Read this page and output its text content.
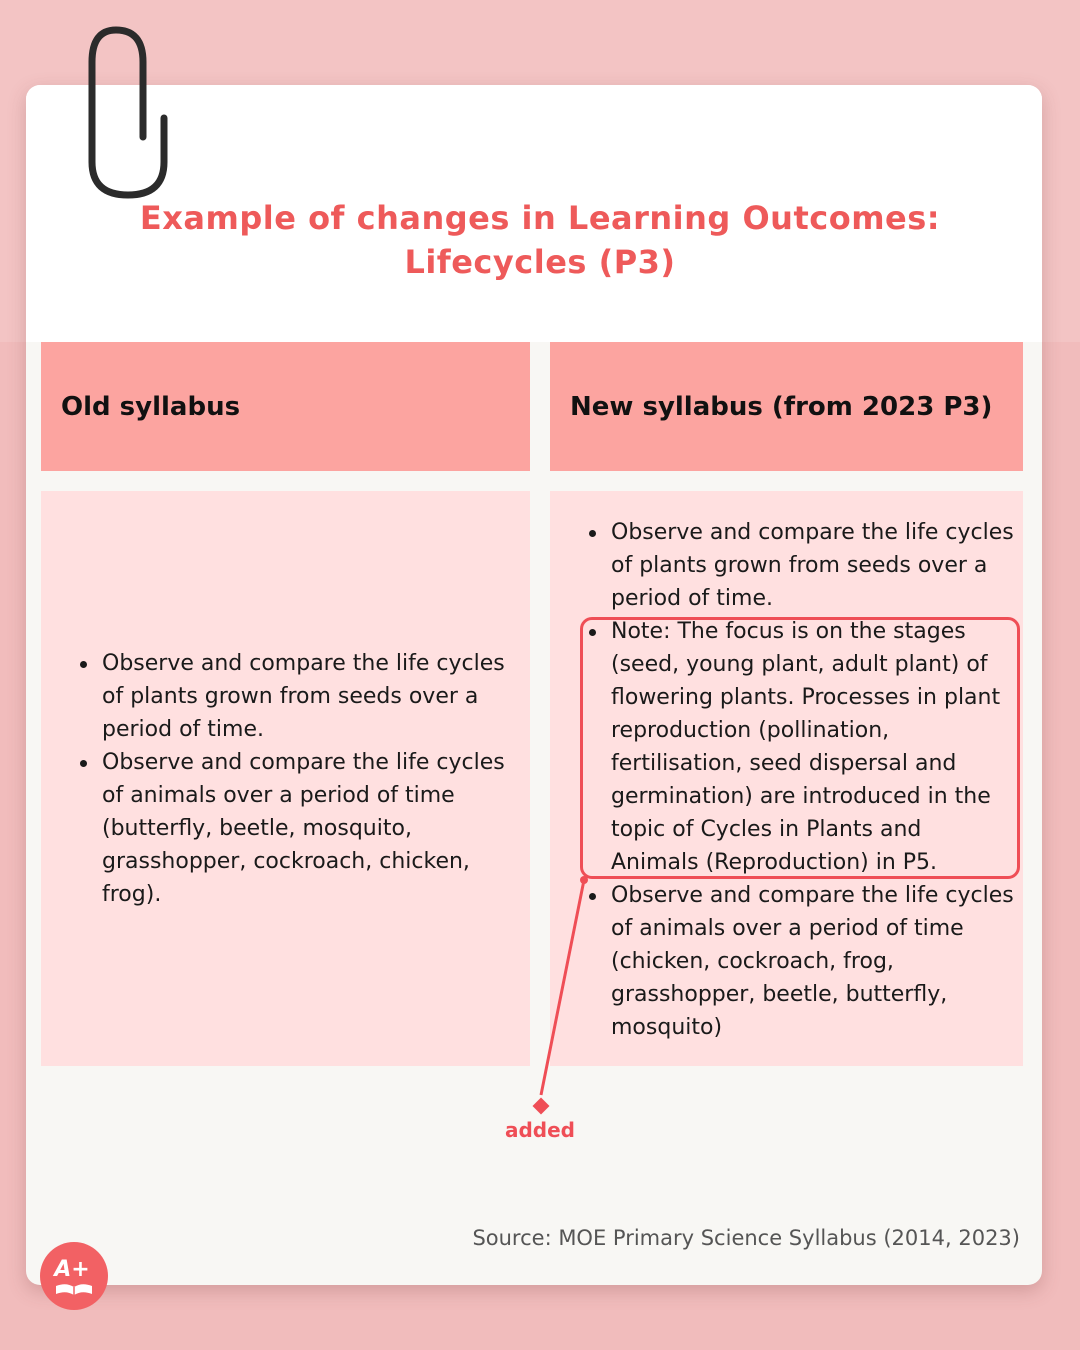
Example of changes in Learning Outcomes:
Lifecycles (P3)
Old syllabus	New syllabus (from 2023 P3)
Observe and compare the life cycles of plants grown from seeds over a period of time.
Observe and compare the life cycles of animals over a period of time (butterfly, beetle, mosquito, grasshopper, cockroach, chicken, frog).
Observe and compare the life cycles of plants grown from seeds over a period of time.
Note: The focus is on the stages (seed, young plant, adult plant) of flowering plants. Processes in plant reproduction (pollination, fertilisation, seed dispersal and germination) are introduced in the topic of Cycles in Plants and Animals (Reproduction) in P5.
Observe and compare the life cycles of animals over a period of time (chicken, cockroach, frog, grasshopper, beetle, butterfly, mosquito)
added
Source: MOE Primary Science Syllabus (2014, 2023)
A+
